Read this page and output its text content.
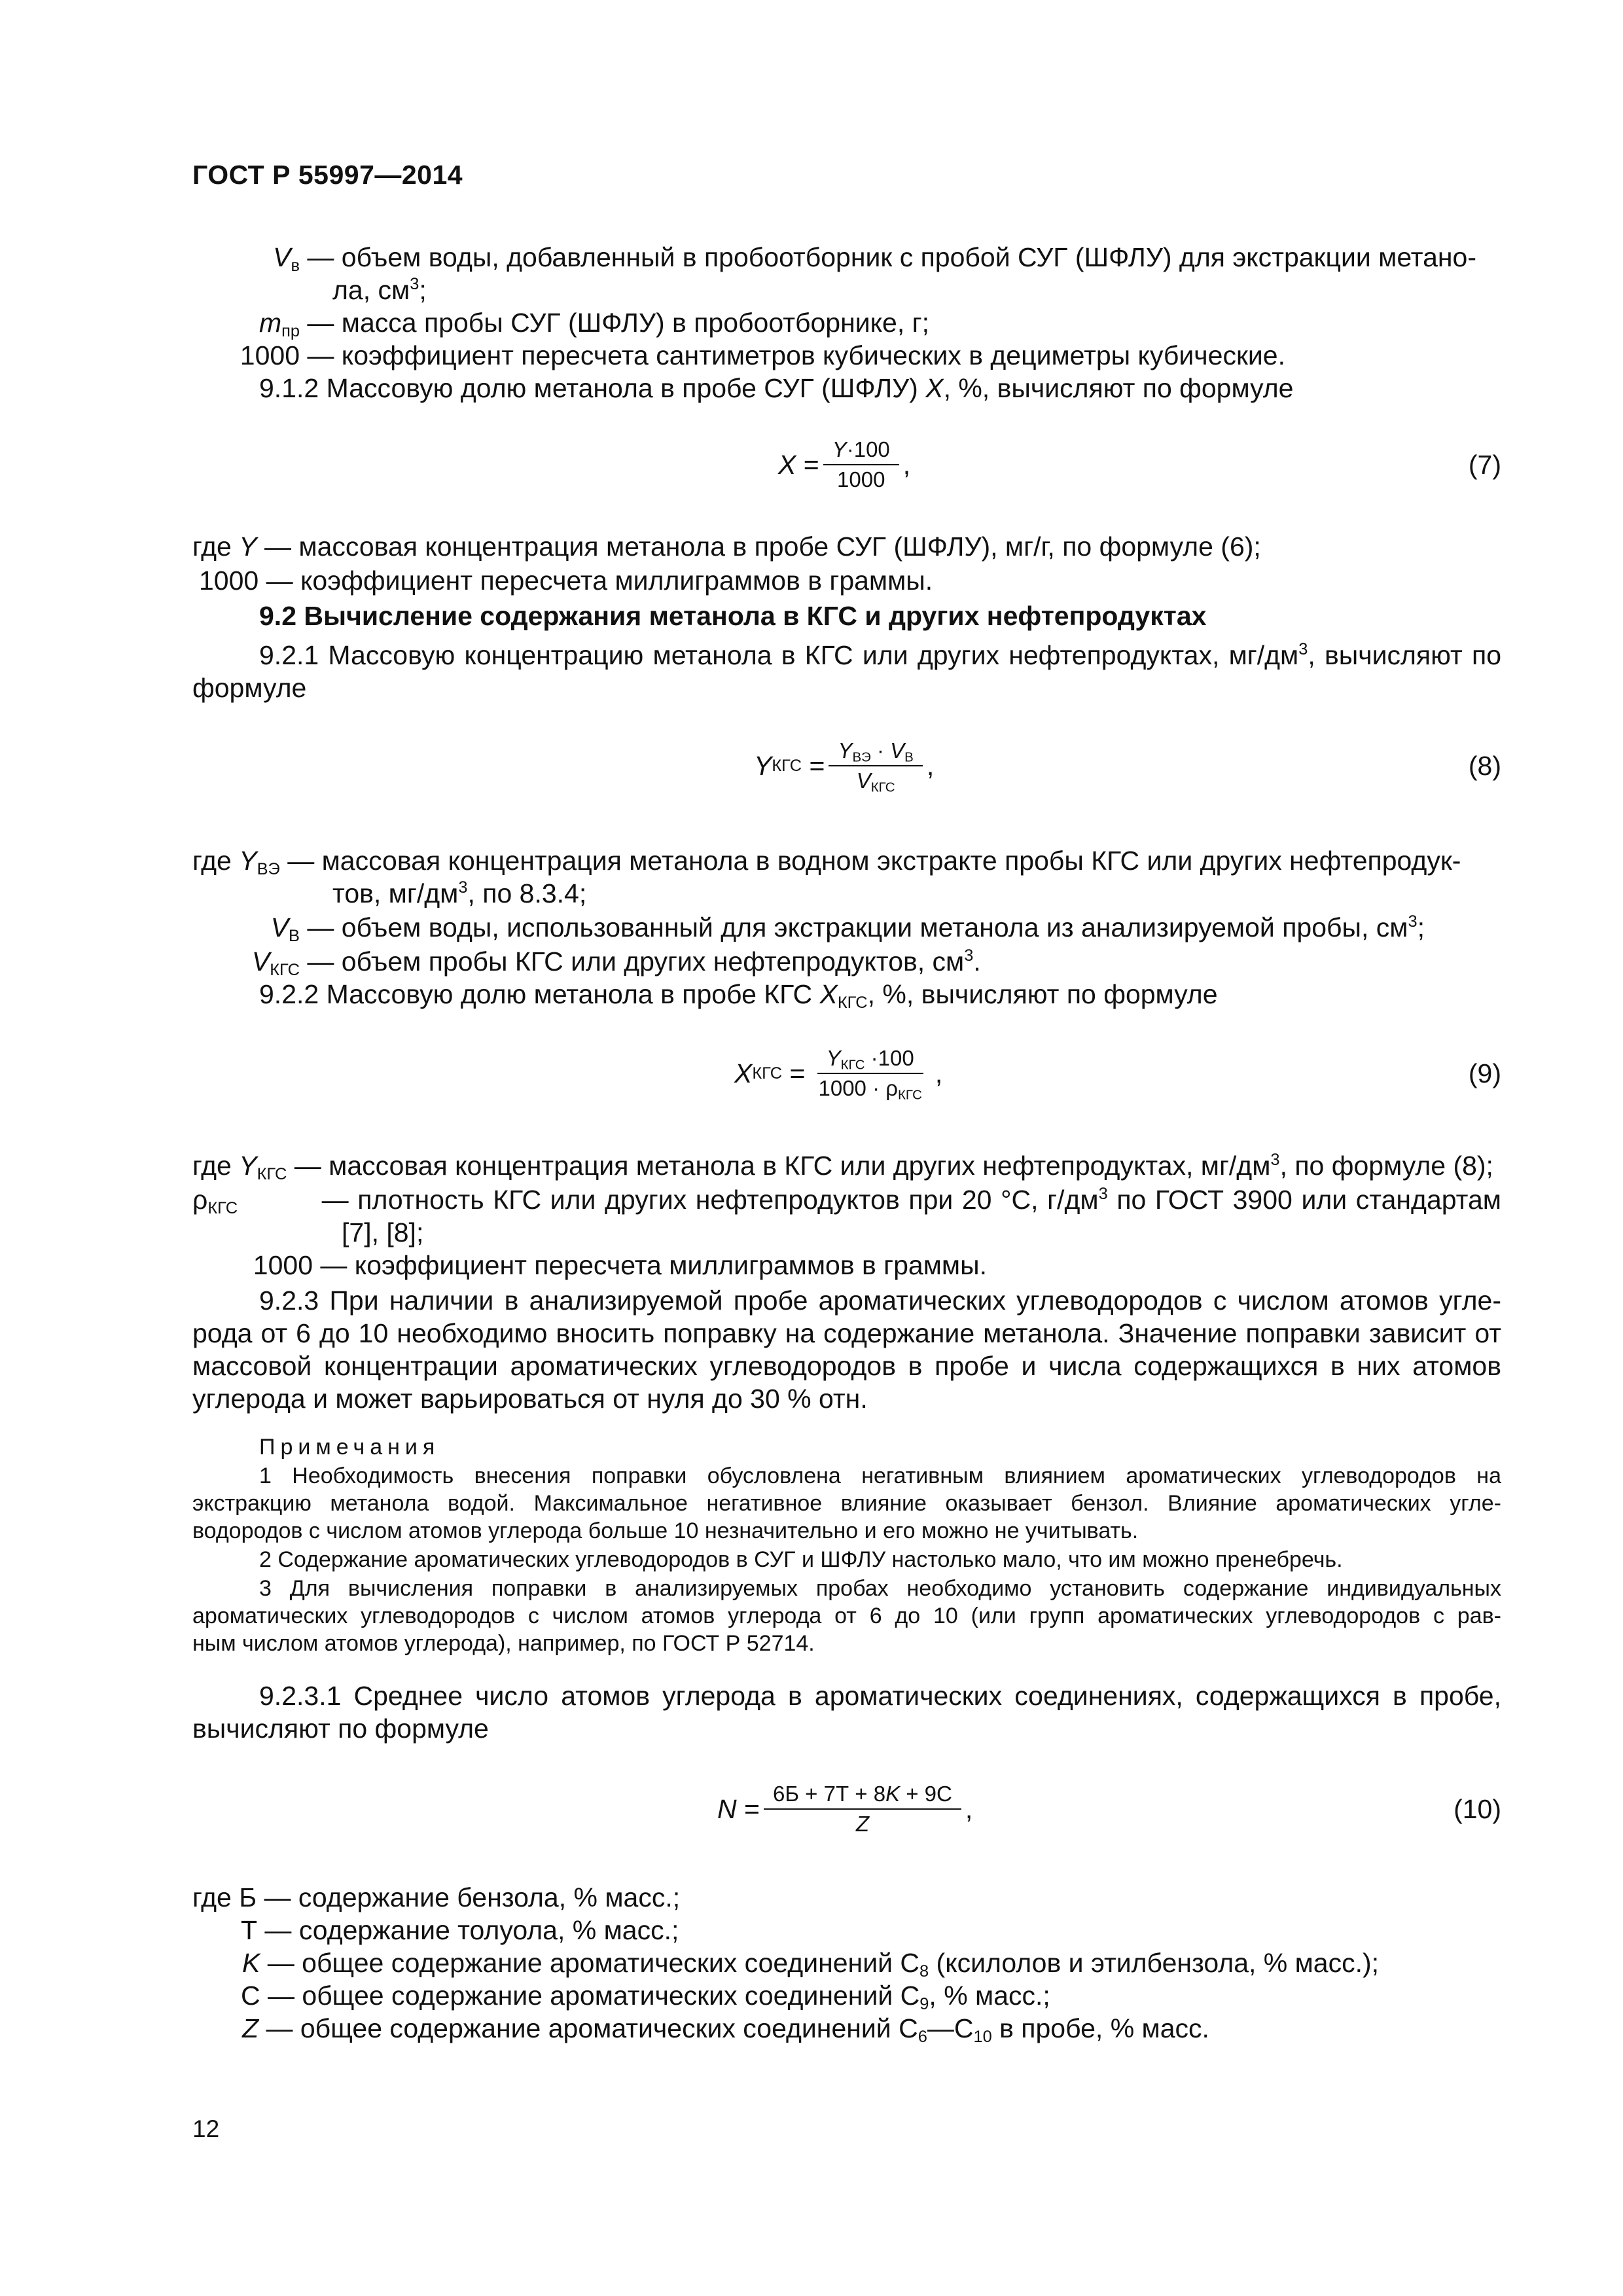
ГОСТ Р 55997—2014
$V_в$ — объем воды, добавленный в пробоотборник с пробой СУГ (ШФЛУ) для экстракции метано-
ла, $см^3$;
$m_{пр}$ — масса пробы СУГ (ШФЛУ) в пробоотборнике, г;
1000 — коэффициент пересчета сантиметров кубических в дециметры кубические.
9.1.2 Массовую долю метанола в пробе СУГ (ШФЛУ) X, %, вычисляют по формуле
X
= $\frac{Y\cdot 100}{1000}$ ,	(7)
где Y — массовая концентрация метанола в пробе СУГ (ШФЛУ), мг/г, по формуле (6);
1000 — коэффициент пересчета миллиграммов в граммы.
9.2 Вычисление содержания метанола в КГС и других нефтепродуктах
9.2.1 Массовую концентрацию метанола в КГС или других нефтепродуктах, $мг/дм^3$, вычисляют по
формуле
Y КГС
= $\frac{Y_{ВЭ} \cdot V_В}{V_{КГС}}$ ,	(8)
где $Y_{ВЭ}$ — массовая концентрация метанола в водном экстракте пробы КГС или других нефтепродук-
тов, $мг/дм^3$, по 8.3.4;
$V_В$ — объем воды, использованный для экстракции метанола из анализируемой пробы, $см^3$;
$V_{КГС}$ — объем пробы КГС или других нефтепродуктов, $см^3$.
9.2.2 Массовую долю метанола в пробе КГС $X_{КГС}$, %, вычисляют по формуле
X КГС
= $\frac{Y_{КГС} \cdot 100}{1000 \cdot \rho_{КГС}}$ ,	(9)
где $Y_{КГС}$ — массовая концентрация метанола в КГС или других нефтепродуктах, $мг/дм^3$, по формуле (8);
$\rho_{КГС}$	— плотность КГС или других нефтепродуктов при 20 °С, $г/дм^3$ по ГОСТ 3900 или стандартам
[7], [8];
1000 — коэффициент пересчета миллиграммов в граммы.
9.2.3 При наличии в анализируемой пробе ароматических углеводородов с числом атомов угле-
рода от 6 до 10 необходимо вносить поправку на содержание метанола. Значение поправки зависит от
массовой концентрации ароматических углеводородов в пробе и числа содержащихся в них атомов
углерода и может варьироваться от нуля до 30 % отн.
Примечания
1 Необходимость внесения поправки обусловлена негативным влиянием ароматических углеводородов на
экстракцию метанола водой. Максимальное негативное влияние оказывает бензол. Влияние ароматических угле-
водородов с числом атомов углерода больше 10 незначительно и его можно не учитывать.
2 Содержание ароматических углеводородов в СУГ и ШФЛУ настолько мало, что им можно пренебречь.
3 Для вычисления поправки в анализируемых пробах необходимо установить содержание индивидуальных
ароматических углеводородов с числом атомов углерода от 6 до 10 (или групп ароматических углеводородов с рав-
ным числом атомов углерода), например, по ГОСТ Р 52714.
9.2.3.1 Среднее число атомов углерода в ароматических соединениях, содержащихся в пробе,
вычисляют по формуле
N
= $\frac{6Б + 7Т + 8K + 9С}{Z}$ ,	(10)
где Б — содержание бензола, % масс.;
Т — содержание толуола, % масс.;
K — общее содержание ароматических соединений $С_8$ (ксилолов и этилбензола, % масс.);
С — общее содержание ароматических соединений $С_9$, % масс.;
Z — общее содержание ароматических соединений $С_6—С_{10}$ в пробе, % масс.
12
